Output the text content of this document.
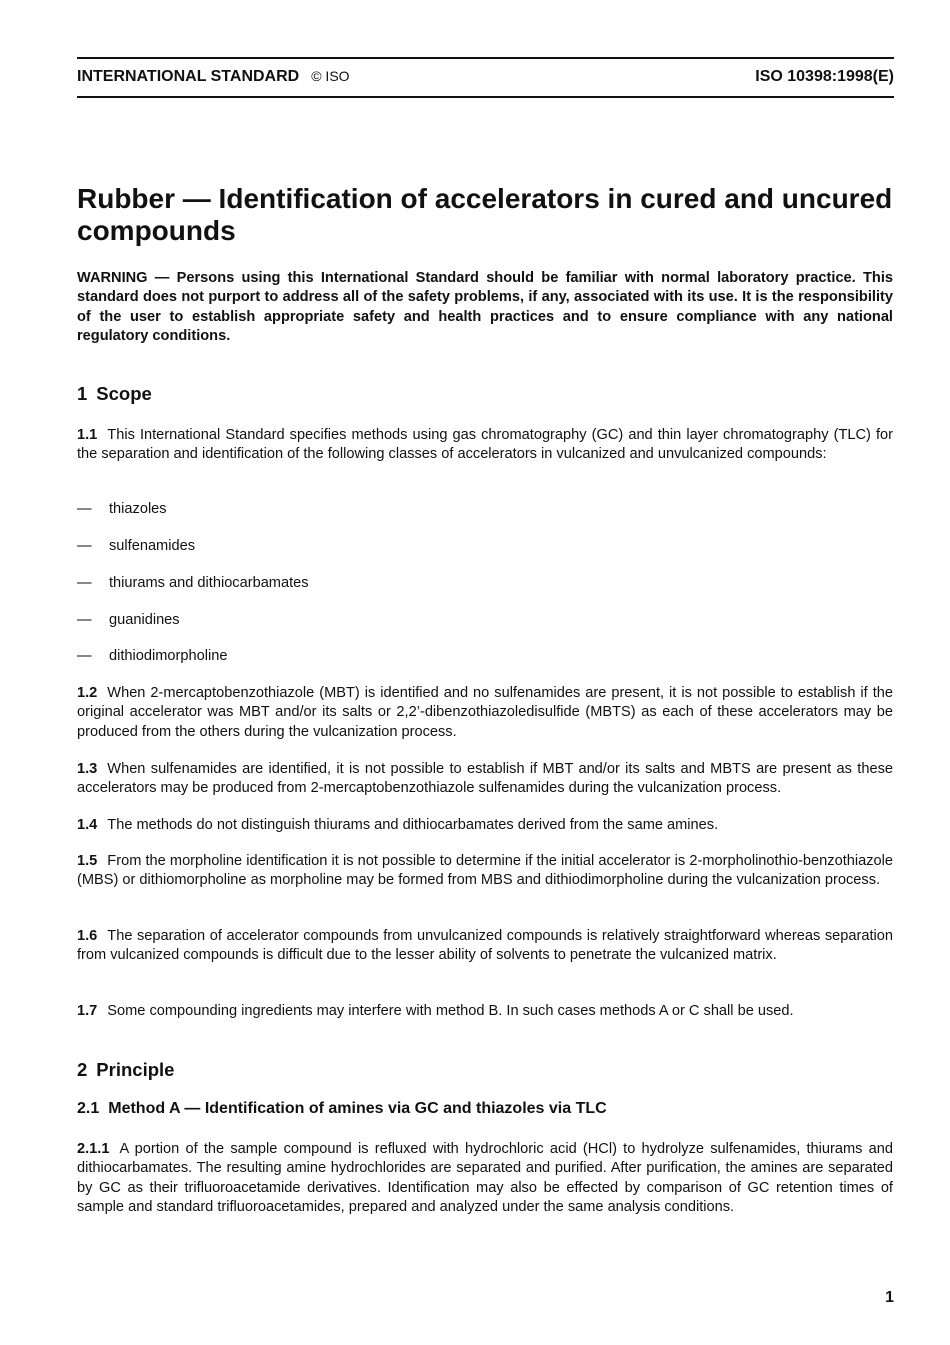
INTERNATIONAL STANDARD © ISO	ISO 10398:1998(E)
Rubber — Identification of accelerators in cured and uncured compounds

WARNING — Persons using this International Standard should be familiar with normal laboratory practice. This standard does not purport to address all of the safety problems, if any, associated with its use. It is the responsibility of the user to establish appropriate safety and health practices and to ensure compliance with any national regulatory conditions.

1 Scope

1.1 This International Standard specifies methods using gas chromatography (GC) and thin layer chromatography (TLC) for the separation and identification of the following classes of accelerators in vulcanized and unvulcanized compounds:

— thiazoles
— sulfenamides
— thiurams and dithiocarbamates
— guanidines
— dithiodimorpholine

1.2 When 2-mercaptobenzothiazole (MBT) is identified and no sulfenamides are present, it is not possible to establish if the original accelerator was MBT and/or its salts or 2,2’-dibenzothiazoledisulfide (MBTS) as each of these accelerators may be produced from the others during the vulcanization process.

1.3 When sulfenamides are identified, it is not possible to establish if MBT and/or its salts and MBTS are present as these accelerators may be produced from 2-mercaptobenzothiazole sulfenamides during the vulcanization process.

1.4 The methods do not distinguish thiurams and dithiocarbamates derived from the same amines.

1.5 From the morpholine identification it is not possible to determine if the initial accelerator is 2-morpholinothio-benzothiazole (MBS) or dithiomorpholine as morpholine may be formed from MBS and dithiodimorpholine during the vulcanization process.

1.6 The separation of accelerator compounds from unvulcanized compounds is relatively straightforward whereas separation from vulcanized compounds is difficult due to the lesser ability of solvents to penetrate the vulcanized matrix.

1.7 Some compounding ingredients may interfere with method B. In such cases methods A or C shall be used.

2 Principle
2.1 Method A — Identification of amines via GC and thiazoles via TLC

2.1.1 A portion of the sample compound is refluxed with hydrochloric acid (HCl) to hydrolyze sulfenamides, thiurams and dithiocarbamates. The resulting amine hydrochlorides are separated and purified. After purification, the amines are separated by GC as their trifluoroacetamide derivatives. Identification may also be effected by comparison of GC retention times of sample and standard trifluoroacetamides, prepared and analyzed under the same analysis conditions.

1
